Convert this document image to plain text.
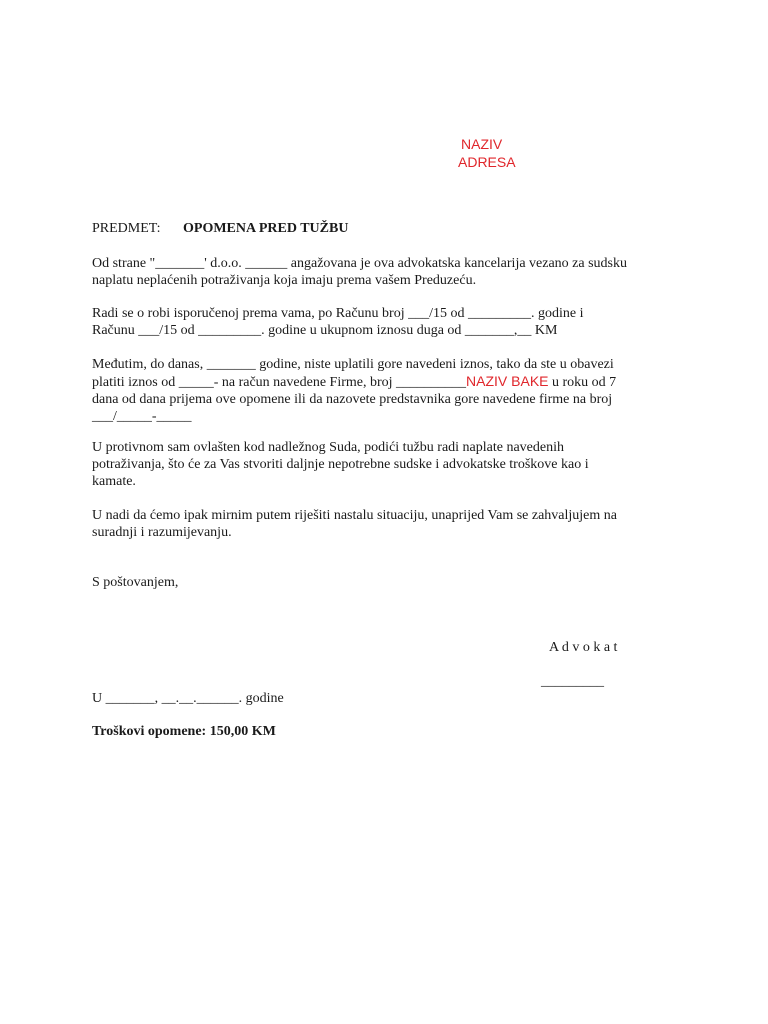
NAZIV
ADRESA
PREDMET: OPOMENA PRED TUŽBU
Od strane "_______' d.o.o. ______ angažovana je ova advokatska kancelarija vezano za sudsku
naplatu neplaćenih potraživanja koja imaju prema vašem Preduzeću.
Radi se o robi isporučenoj prema vama, po Računu broj ___/15 od _________. godine i
Računu ___/15 od _________. godine u ukupnom iznosu duga od _______,__ KM
Međutim, do danas, _______ godine, niste uplatili gore navedeni iznos, tako da ste u obavezi
platiti iznos od _____- na račun navedene Firme, broj __________NAZIV BAKE u roku od 7
dana od dana prijema ove opomene ili da nazovete predstavnika gore navedene firme na broj
___/_____-_____
U protivnom sam ovlašten kod nadležnog Suda, podići tužbu radi naplate navedenih
potraživanja, što će za Vas stvoriti daljnje nepotrebne sudske i advokatske troškove kao i
kamate.
U nadi da ćemo ipak mirnim putem riješiti nastalu situaciju, unaprijed Vam se zahvaljujem na
suradnji i razumijevanju.
S poštovanjem,
A d v o k a t
_________
U _______, __.__.______. godine
Troškovi opomene: 150,00 KM
